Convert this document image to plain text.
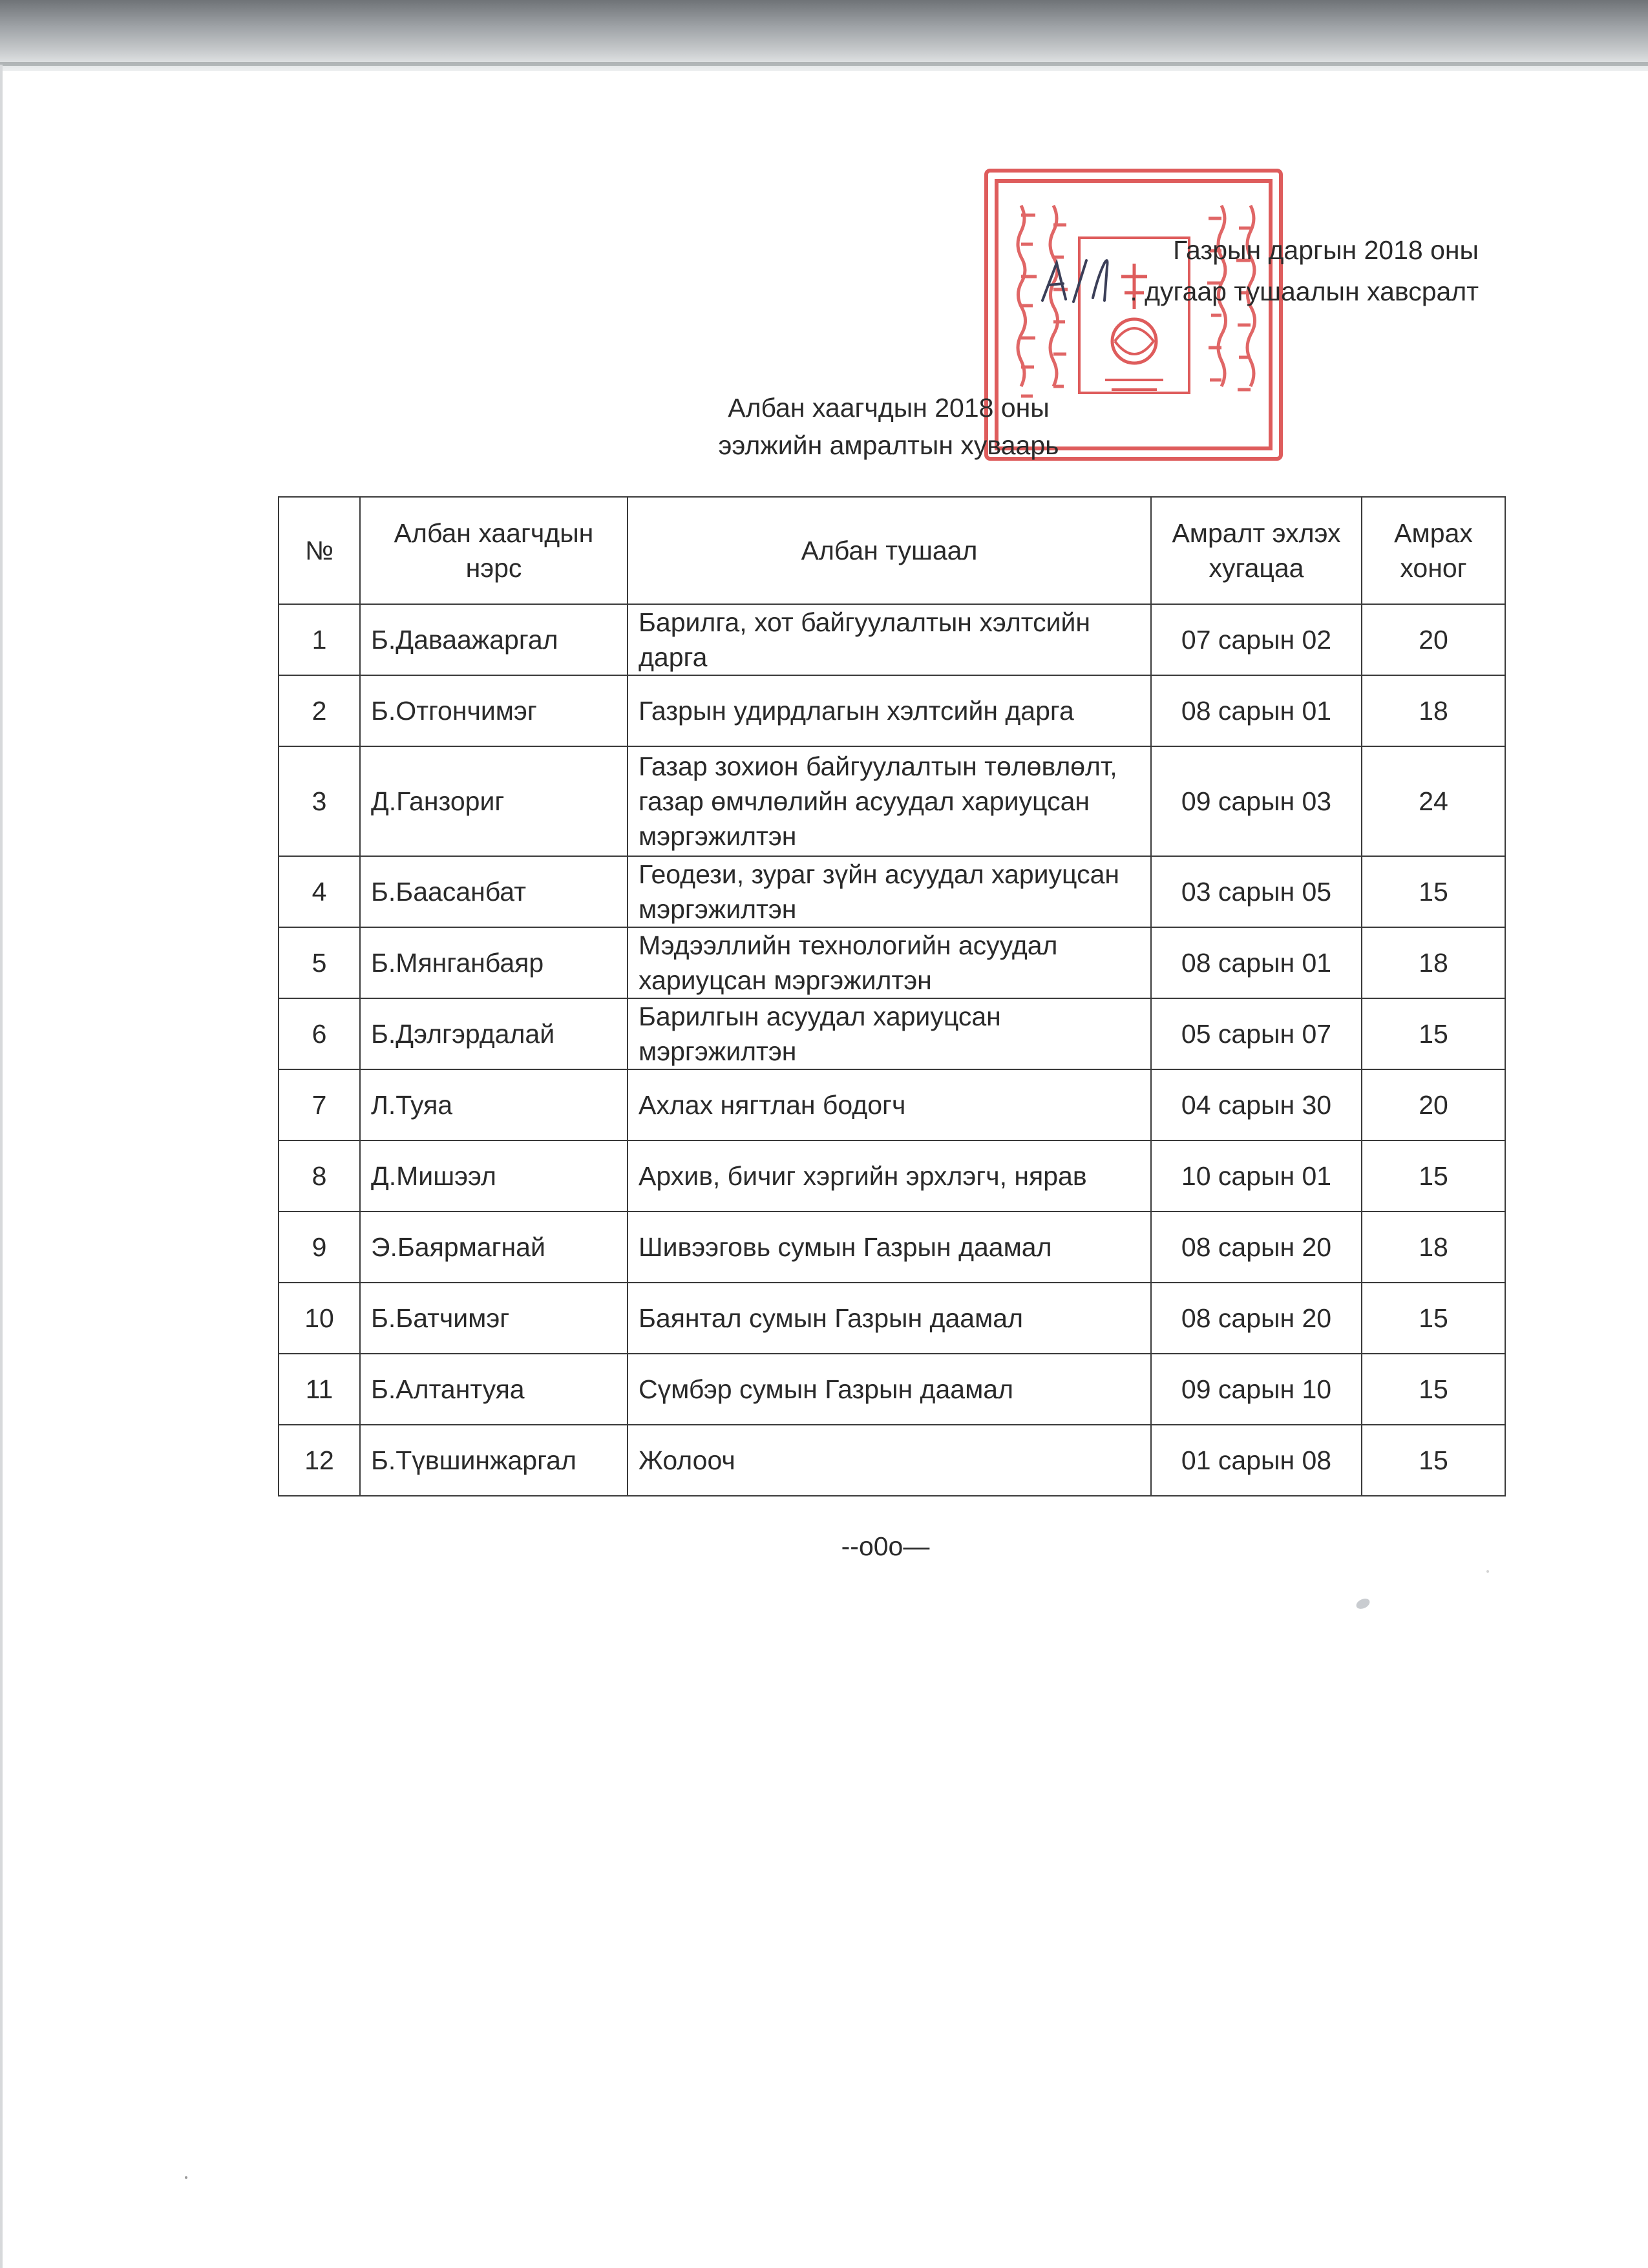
Газрын даргын 2018 оны
. дугаар тушаалын хавсралт
Албан хаагчдын 2018 оны
ээлжийн амралтын хуваарь
№	Албан хаагчдын нэрс	Албан тушаал	Амралт эхлэх хугацаа	Амрах хоног
1	Б.Даваажаргал	Барилга, хот байгуулалтын хэлтсийн дарга	07 сарын 02	20
2	Б.Отгончимэг	Газрын удирдлагын хэлтсийн дарга	08 сарын 01	18
3	Д.Ганзориг	Газар зохион байгуулалтын төлөвлөлт, газар өмчлөлийн асуудал хариуцсан мэргэжилтэн	09 сарын 03	24
4	Б.Баасанбат	Геодези, зураг зүйн асуудал хариуцсан мэргэжилтэн	03 сарын 05	15
5	Б.Мянганбаяр	Мэдээллийн технологийн асуудал хариуцсан мэргэжилтэн	08 сарын 01	18
6	Б.Дэлгэрдалай	Барилгын асуудал хариуцсан мэргэжилтэн	05 сарын 07	15
7	Л.Туяа	Ахлах нягтлан бодогч	04 сарын 30	20
8	Д.Мишээл	Архив, бичиг хэргийн эрхлэгч, нярав	10 сарын 01	15
9	Э.Баярмагнай	Шивээговь сумын Газрын даамал	08 сарын 20	18
10	Б.Батчимэг	Баянтал сумын Газрын даамал	08 сарын 20	15
11	Б.Алтантуяа	Сүмбэр сумын Газрын даамал	09 сарын 10	15
12	Б.Түвшинжаргал	Жолооч	01 сарын 08	15
--o0o—
